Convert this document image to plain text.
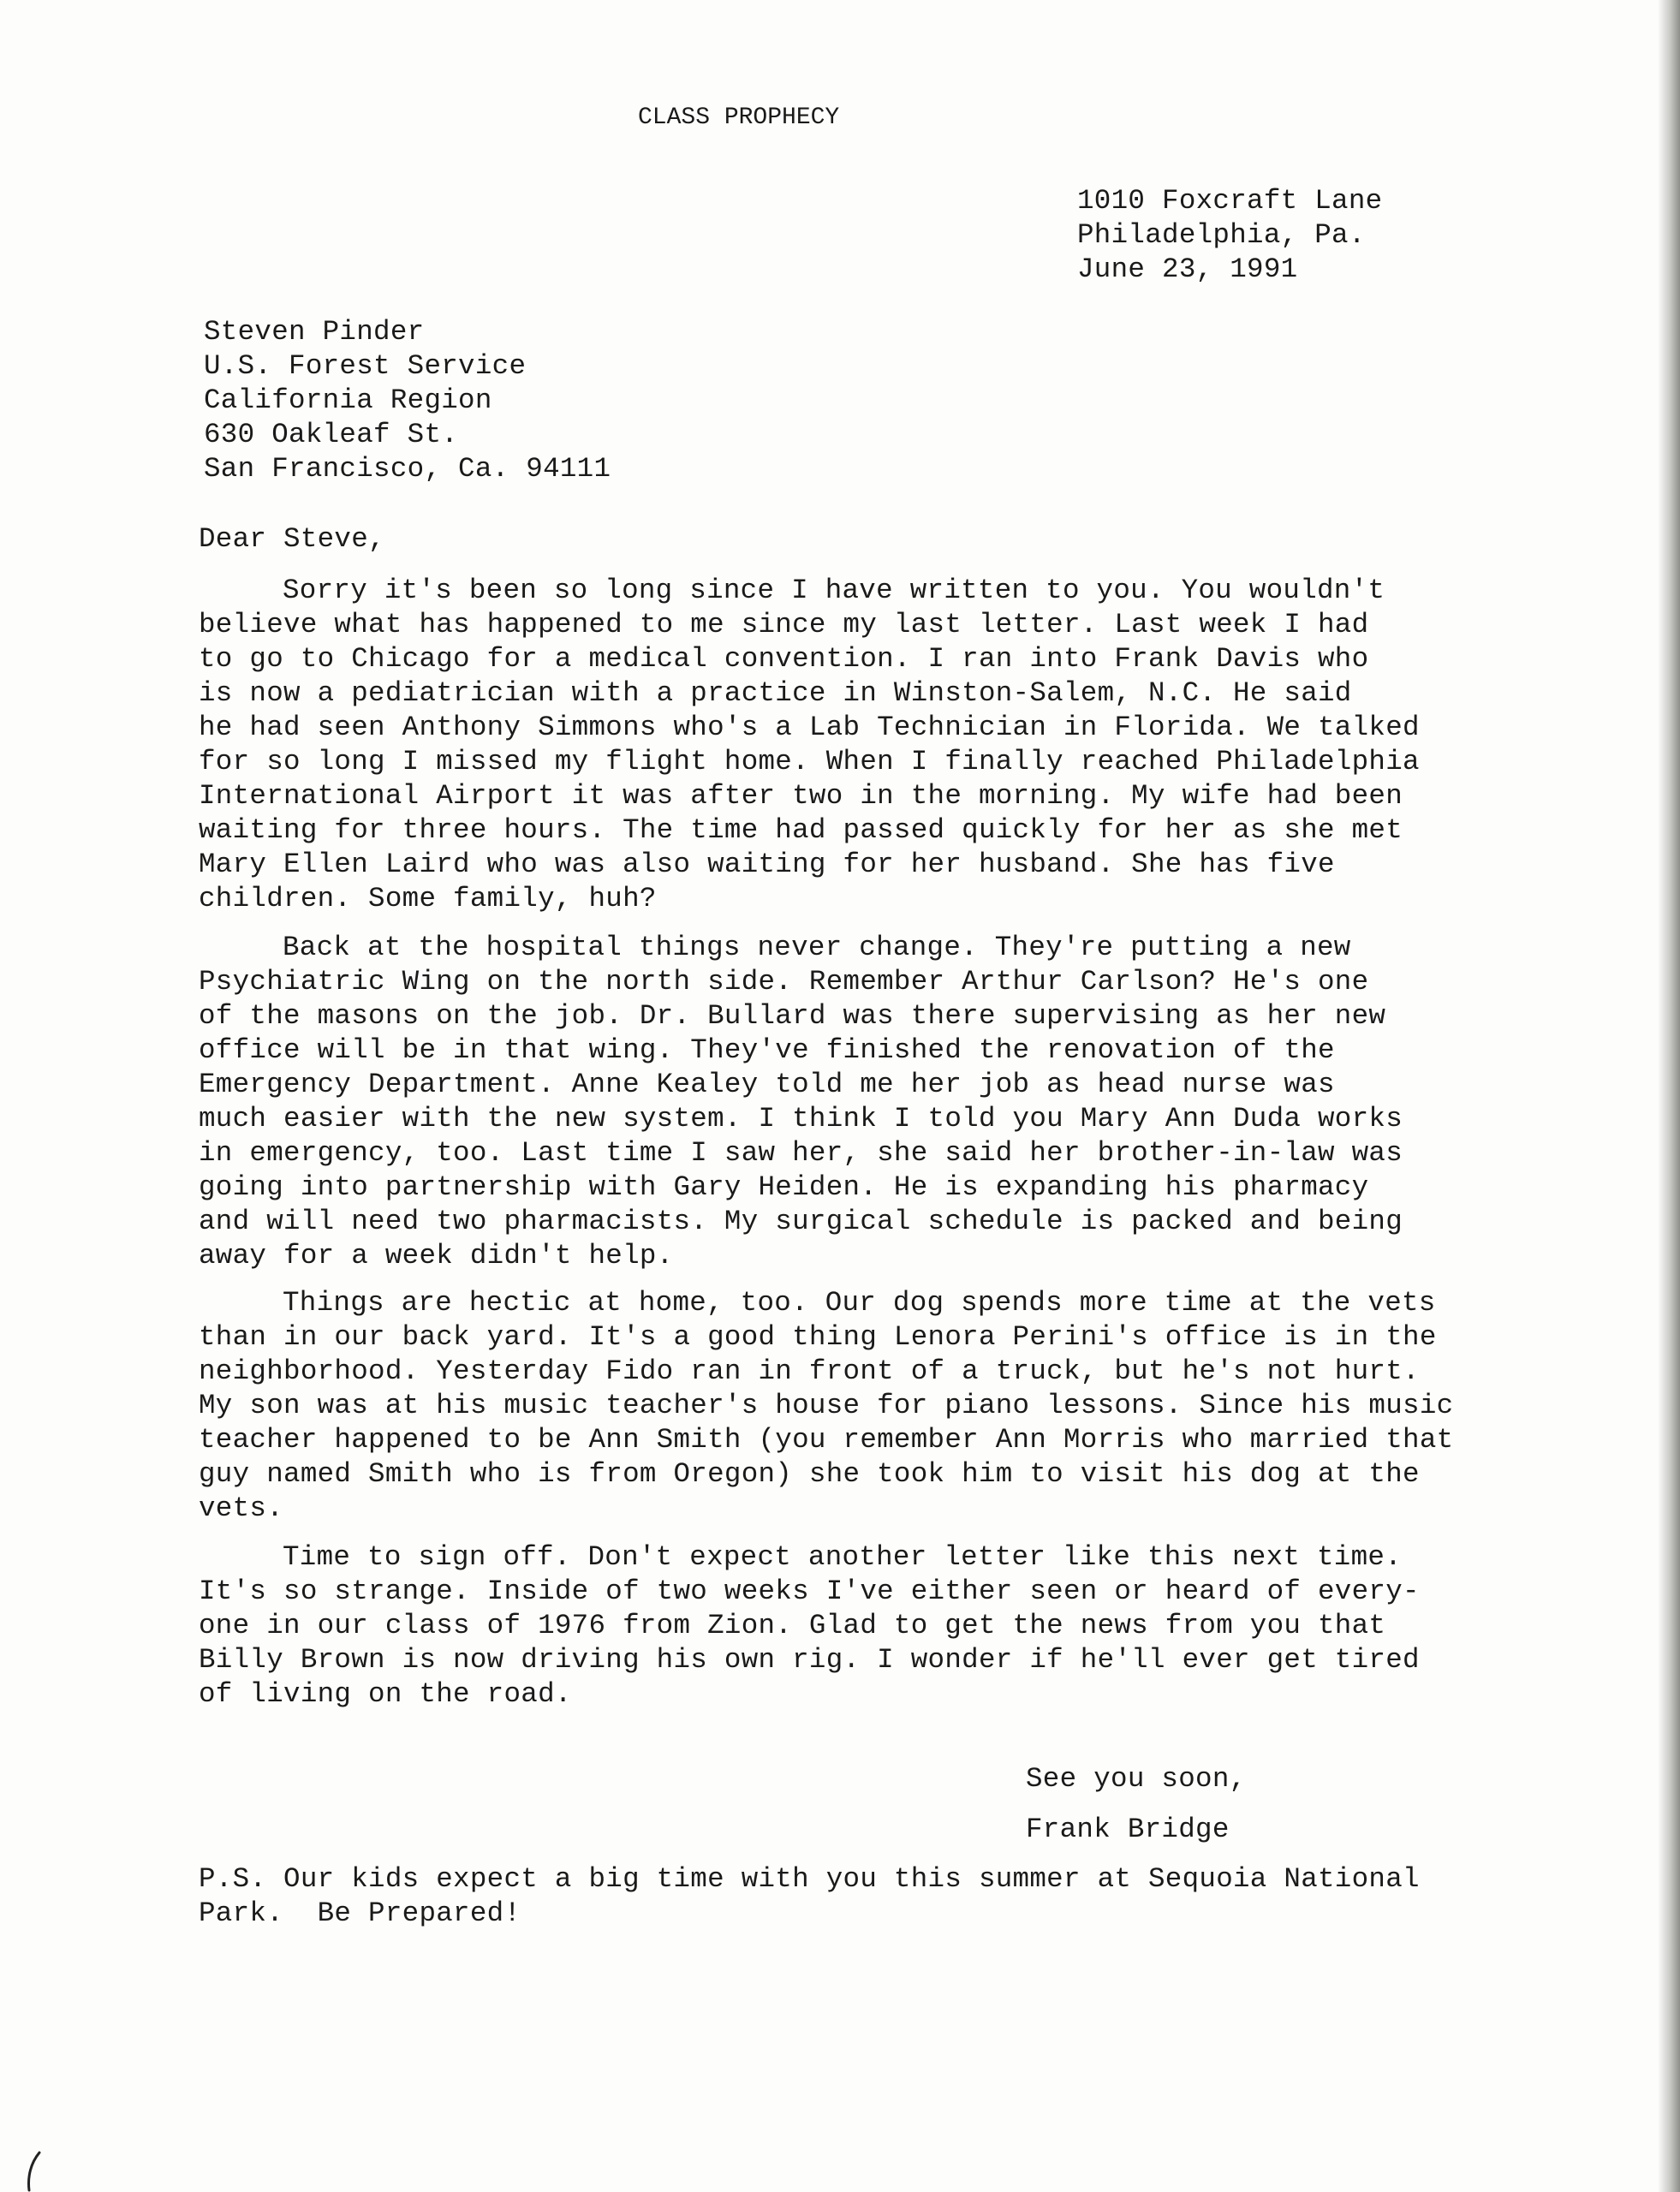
CLASS PROPHECY
1010 Foxcraft Lane
Philadelphia, Pa.
June 23, 1991
Steven Pinder
U.S. Forest Service
California Region
630 Oakleaf St.
San Francisco, Ca. 94111
Dear Steve,
Sorry it's been so long since I have written to you. You wouldn't
believe what has happened to me since my last letter. Last week I had
to go to Chicago for a medical convention. I ran into Frank Davis who
is now a pediatrician with a practice in Winston-Salem, N.C. He said
he had seen Anthony Simmons who's a Lab Technician in Florida. We talked
for so long I missed my flight home. When I finally reached Philadelphia
International Airport it was after two in the morning. My wife had been
waiting for three hours. The time had passed quickly for her as she met
Mary Ellen Laird who was also waiting for her husband. She has five
children. Some family, huh?
Back at the hospital things never change. They're putting a new
Psychiatric Wing on the north side. Remember Arthur Carlson? He's one
of the masons on the job. Dr. Bullard was there supervising as her new
office will be in that wing. They've finished the renovation of the
Emergency Department. Anne Kealey told me her job as head nurse was
much easier with the new system. I think I told you Mary Ann Duda works
in emergency, too. Last time I saw her, she said her brother-in-law was
going into partnership with Gary Heiden. He is expanding his pharmacy
and will need two pharmacists. My surgical schedule is packed and being
away for a week didn't help.
Things are hectic at home, too. Our dog spends more time at the vets
than in our back yard. It's a good thing Lenora Perini's office is in the
neighborhood. Yesterday Fido ran in front of a truck, but he's not hurt.
My son was at his music teacher's house for piano lessons. Since his music
teacher happened to be Ann Smith (you remember Ann Morris who married that
guy named Smith who is from Oregon) she took him to visit his dog at the
vets.
Time to sign off. Don't expect another letter like this next time.
It's so strange. Inside of two weeks I've either seen or heard of every-
one in our class of 1976 from Zion. Glad to get the news from you that
Billy Brown is now driving his own rig. I wonder if he'll ever get tired
of living on the road.
See you soon,
Frank Bridge
P.S. Our kids expect a big time with you this summer at Sequoia National
Park.  Be Prepared!
